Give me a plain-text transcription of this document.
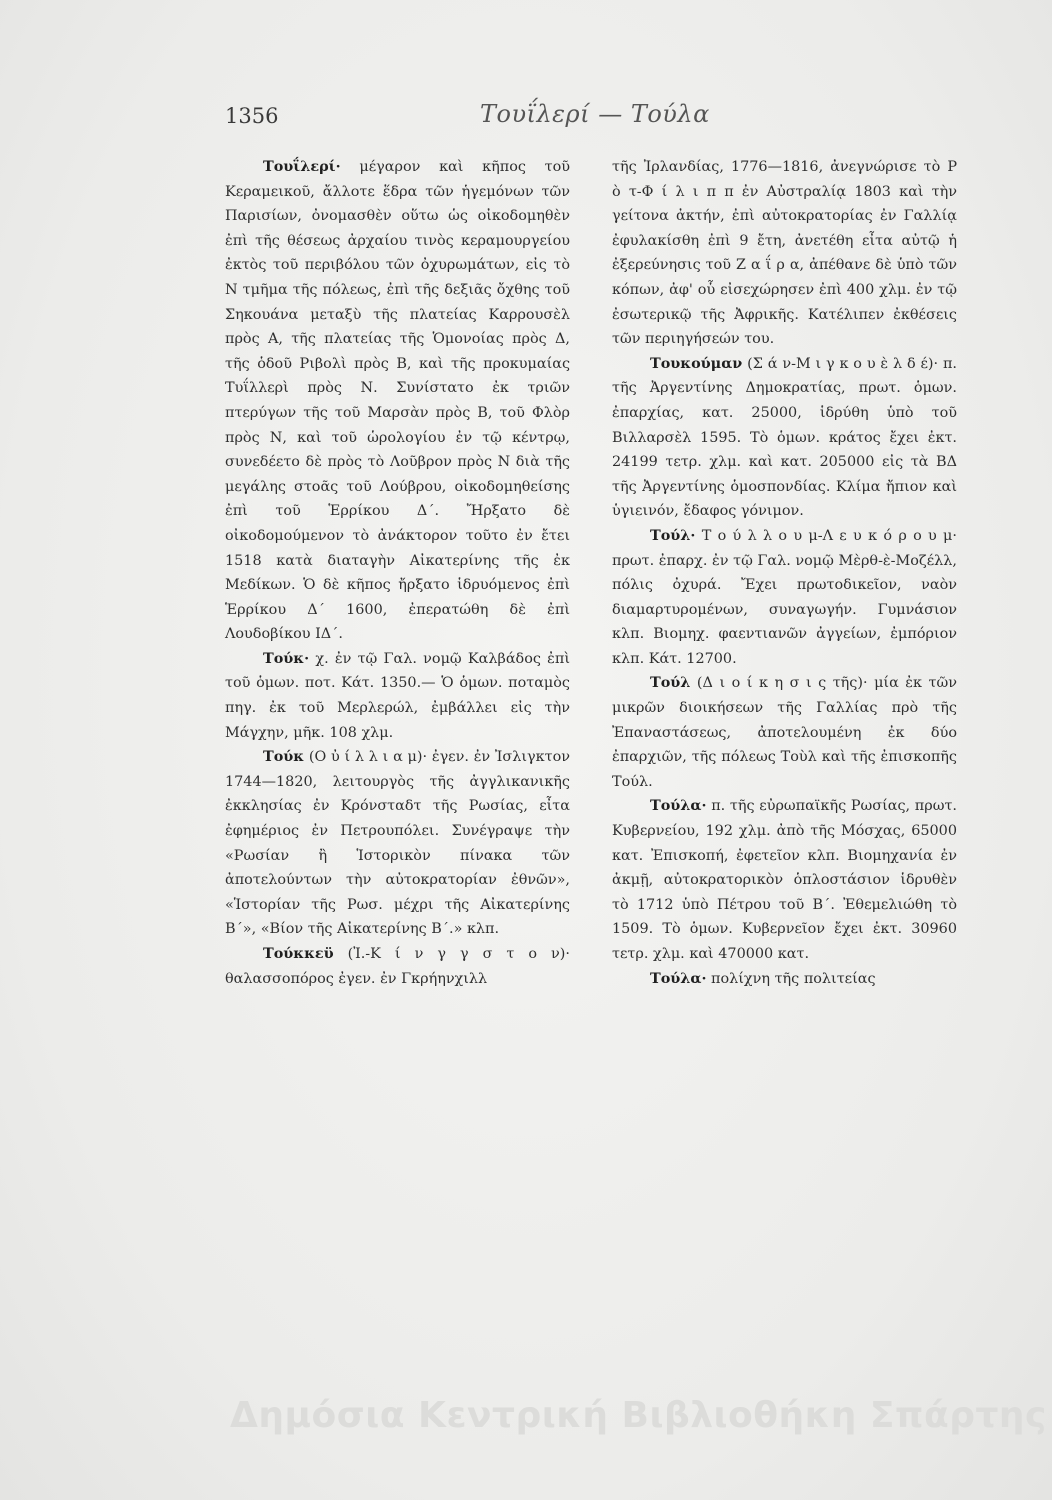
1356	Τουΐλερί — Τούλα

Τουΐλερί· μέγαρον καὶ κῆπος τοῦ Κεραμεικοῦ, ἄλλοτε ἕδρα τῶν ἡγεμόνων τῶν Παρισίων, ὀνομασθὲν οὕτω ὡς οἰκοδομηθὲν ἐπὶ τῆς θέσεως ἀρχαίου τινὸς κεραμουργείου ἐκτὸς τοῦ περιβόλου τῶν ὀχυρωμάτων, εἰς τὸ Ν τμῆμα τῆς πόλεως, ἐπὶ τῆς δεξιᾶς ὄχθης τοῦ Σηκουάνα μεταξὺ τῆς πλατείας Καρρουσὲλ πρὸς Α, τῆς πλατείας τῆς Ὁμονοίας πρὸς Δ, τῆς ὁδοῦ Ριβολὶ πρὸς Β, καὶ τῆς προκυμαίας Τυΐλλερὶ πρὸς Ν. Συνίστατο ἐκ τριῶν πτερύγων τῆς τοῦ Μαρσὰν πρὸς Β, τοῦ Φλὸρ πρὸς Ν, καὶ τοῦ ὡρολογίου ἐν τῷ κέντρῳ, συνεδέετο δὲ πρὸς τὸ Λοῦβρον πρὸς Ν διὰ τῆς μεγάλης στοᾶς τοῦ Λούβρου, οἰκοδομηθείσης ἐπὶ τοῦ Ἑρρίκου Δ΄. Ἤρξατο δὲ οἰκοδομούμενον τὸ ἀνάκτορον τοῦτο ἐν ἔτει 1518 κατὰ διαταγὴν Αἰκατερίνης τῆς ἐκ Μεδίκων. Ὁ δὲ κῆπος ἤρξατο ἱδρυόμενος ἐπὶ Ἑρρίκου Δ΄ 1600, ἐπερατώθη δὲ ἐπὶ Λουδοβίκου ΙΔ΄.

Τούκ· χ. ἐν τῷ Γαλ. νομῷ Καλβάδος ἐπὶ τοῦ ὁμων. ποτ. Κάτ. 1350.— Ὁ ὁμων. ποταμὸς πηγ. ἐκ τοῦ Μερλερώλ, ἐμβάλλει εἰς τὴν Μάγχην, μῆκ. 108 χλμ.

Τούκ (Ο ὐ ί λ λ ι α μ)· ἐγεν. ἐν Ἰσλιγκτον 1744—1820, λειτουργὸς τῆς ἀγγλικανικῆς ἐκκλησίας ἐν Κρόνσταδτ τῆς Ρωσίας, εἶτα ἐφημέριος ἐν Πετρουπόλει. Συνέγραψε τὴν «Ρωσίαν ἢ Ἱστορικὸν πίνακα τῶν ἀποτελούντων τὴν αὐτοκρατορίαν ἐθνῶν», «Ἱστορίαν τῆς Ρωσ. μέχρι τῆς Αἰκατερίνης Β΄», «Βίον τῆς Αἰκατερίνης Β΄.» κλπ.

Τούκκεϋ (Ἰ.-Κ ί ν γ γ σ τ ο ν)· θαλασσοπόρος ἐγεν. ἐν Γκρήηνχιλλ

τῆς Ἰρλανδίας, 1776—1816, ἀνεγνώρισε τὸ Ρ ὸ τ-Φ ί λ ι π π ἐν Αὐστραλίᾳ 1803 καὶ τὴν γείτονα ἀκτήν, ἐπὶ αὐτοκρατορίας ἐν Γαλλίᾳ ἐφυλακίσθη ἐπὶ 9 ἔτη, ἀνετέθη εἶτα αὐτῷ ἡ ἐξερεύνησις τοῦ Ζ α ΐ ρ α, ἀπέθανε δὲ ὑπὸ τῶν κόπων, ἀφ' οὗ εἰσεχώρησεν ἐπὶ 400 χλμ. ἐν τῷ ἐσωτερικῷ τῆς Ἀφρικῆς. Κατέλιπεν ἐκθέσεις τῶν περιηγήσεών του.

Τουκούμαν (Σ ά ν-Μ ι γ κ ο υ ὲ λ δ έ)· π. τῆς Ἀργεντίνης Δημοκρατίας, πρωτ. ὁμων. ἐπαρχίας, κατ. 25000, ἱδρύθη ὑπὸ τοῦ Βιλλαρσὲλ 1595. Τὸ ὁμων. κράτος ἔχει ἐκτ. 24199 τετρ. χλμ. καὶ κατ. 205000 εἰς τὰ ΒΔ τῆς Ἀργεντίνης ὁμοσπονδίας. Κλίμα ἤπιον καὶ ὑγιεινόν, ἔδαφος γόνιμον.

Τούλ· Τ ο ύ λ λ ο υ μ-Λ ε υ κ ό ρ ο υ μ· πρωτ. ἐπαρχ. ἐν τῷ Γαλ. νομῷ Μὲρθ-ὲ-Μοζέλλ, πόλις ὀχυρά. Ἔχει πρωτοδικεῖον, ναὸν διαμαρτυρομένων, συναγωγήν. Γυμνάσιον κλπ. Βιομηχ. φαεντιανῶν ἀγγείων, ἐμπόριον κλπ. Κάτ. 12700.

Τούλ (Δ ι ο ί κ η σ ι ς τῆς)· μία ἐκ τῶν μικρῶν διοικήσεων τῆς Γαλλίας πρὸ τῆς Ἐπαναστάσεως, ἀποτελουμένη ἐκ δύο ἐπαρχιῶν, τῆς πόλεως Τοὺλ καὶ τῆς ἐπισκοπῆς Τούλ.

Τούλα· π. τῆς εὐρωπαϊκῆς Ρωσίας, πρωτ. Κυβερνείου, 192 χλμ. ἀπὸ τῆς Μόσχας, 65000 κατ. Ἐπισκοπή, ἐφετεῖον κλπ. Βιομηχανία ἐν ἀκμῇ, αὐτοκρατορικὸν ὁπλοστάσιον ἱδρυθὲν τὸ 1712 ὑπὸ Πέτρου τοῦ Β΄. Ἐθεμελιώθη τὸ 1509. Τὸ ὁμων. Κυβερνεῖον ἔχει ἐκτ. 30960 τετρ. χλμ. καὶ 470000 κατ.

Τούλα· πολίχνη τῆς πολιτείας

Δημόσια Κεντρική Βιβλιοθήκη Σπάρτης
